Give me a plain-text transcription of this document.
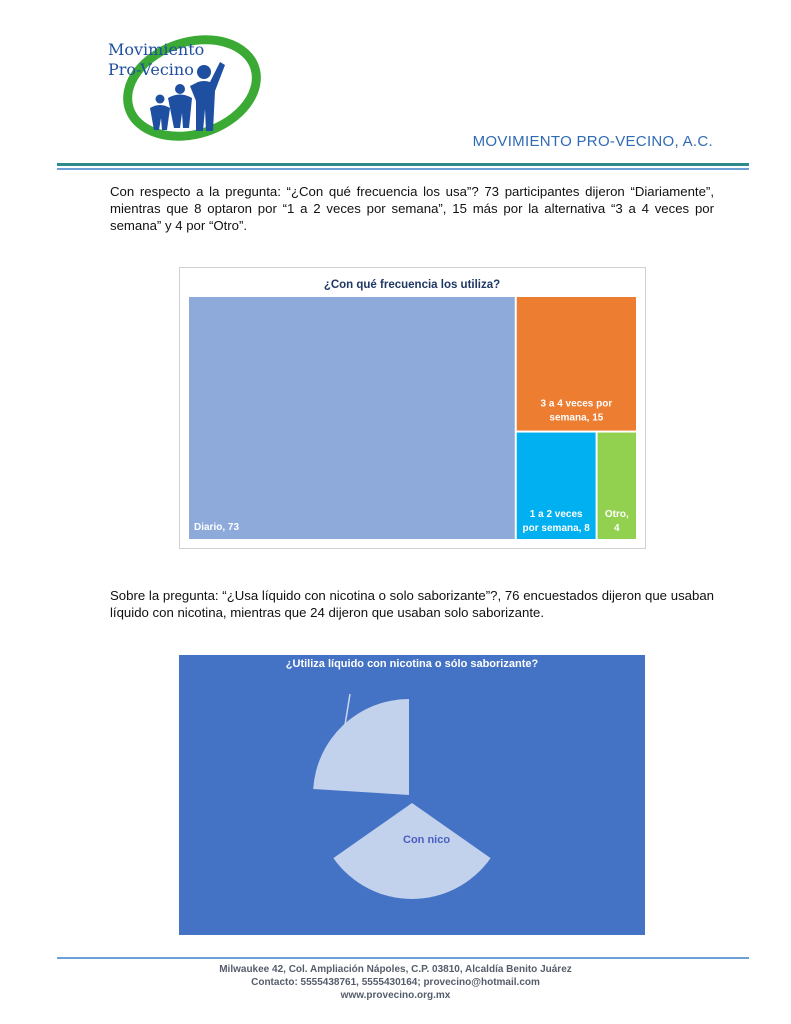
Movimiento
Pro-Vecino
MOVIMIENTO PRO-VECINO, A.C.

Con respecto a la pregunta: “¿Con qué frecuencia los usa”? 73 participantes dijeron “Diariamente”, mientras que 8 optaron por “1 a 2 veces por semana”, 15 más por la alternativa “3 a 4 veces por semana” y 4 por “Otro”.

¿Con qué frecuencia los utiliza?
Diario, 73
3 a 4 veces por
semana, 15
1 a 2 veces
por semana, 8
Otro,
4

Sobre la pregunta: “¿Usa líquido con nicotina o solo saborizante”?, 76 encuestados dijeron que usaban líquido con nicotina, mientras que 24 dijeron que usaban solo saborizante.

¿Utiliza líquido con nicotina o sólo saborizante?
Con nico
Milwaukee 42, Col. Ampliación Nápoles, C.P. 03810, Alcaldía Benito Juárez
Contacto: 5555438761, 5555430164; provecino@hotmail.com
www.provecino.org.mx
